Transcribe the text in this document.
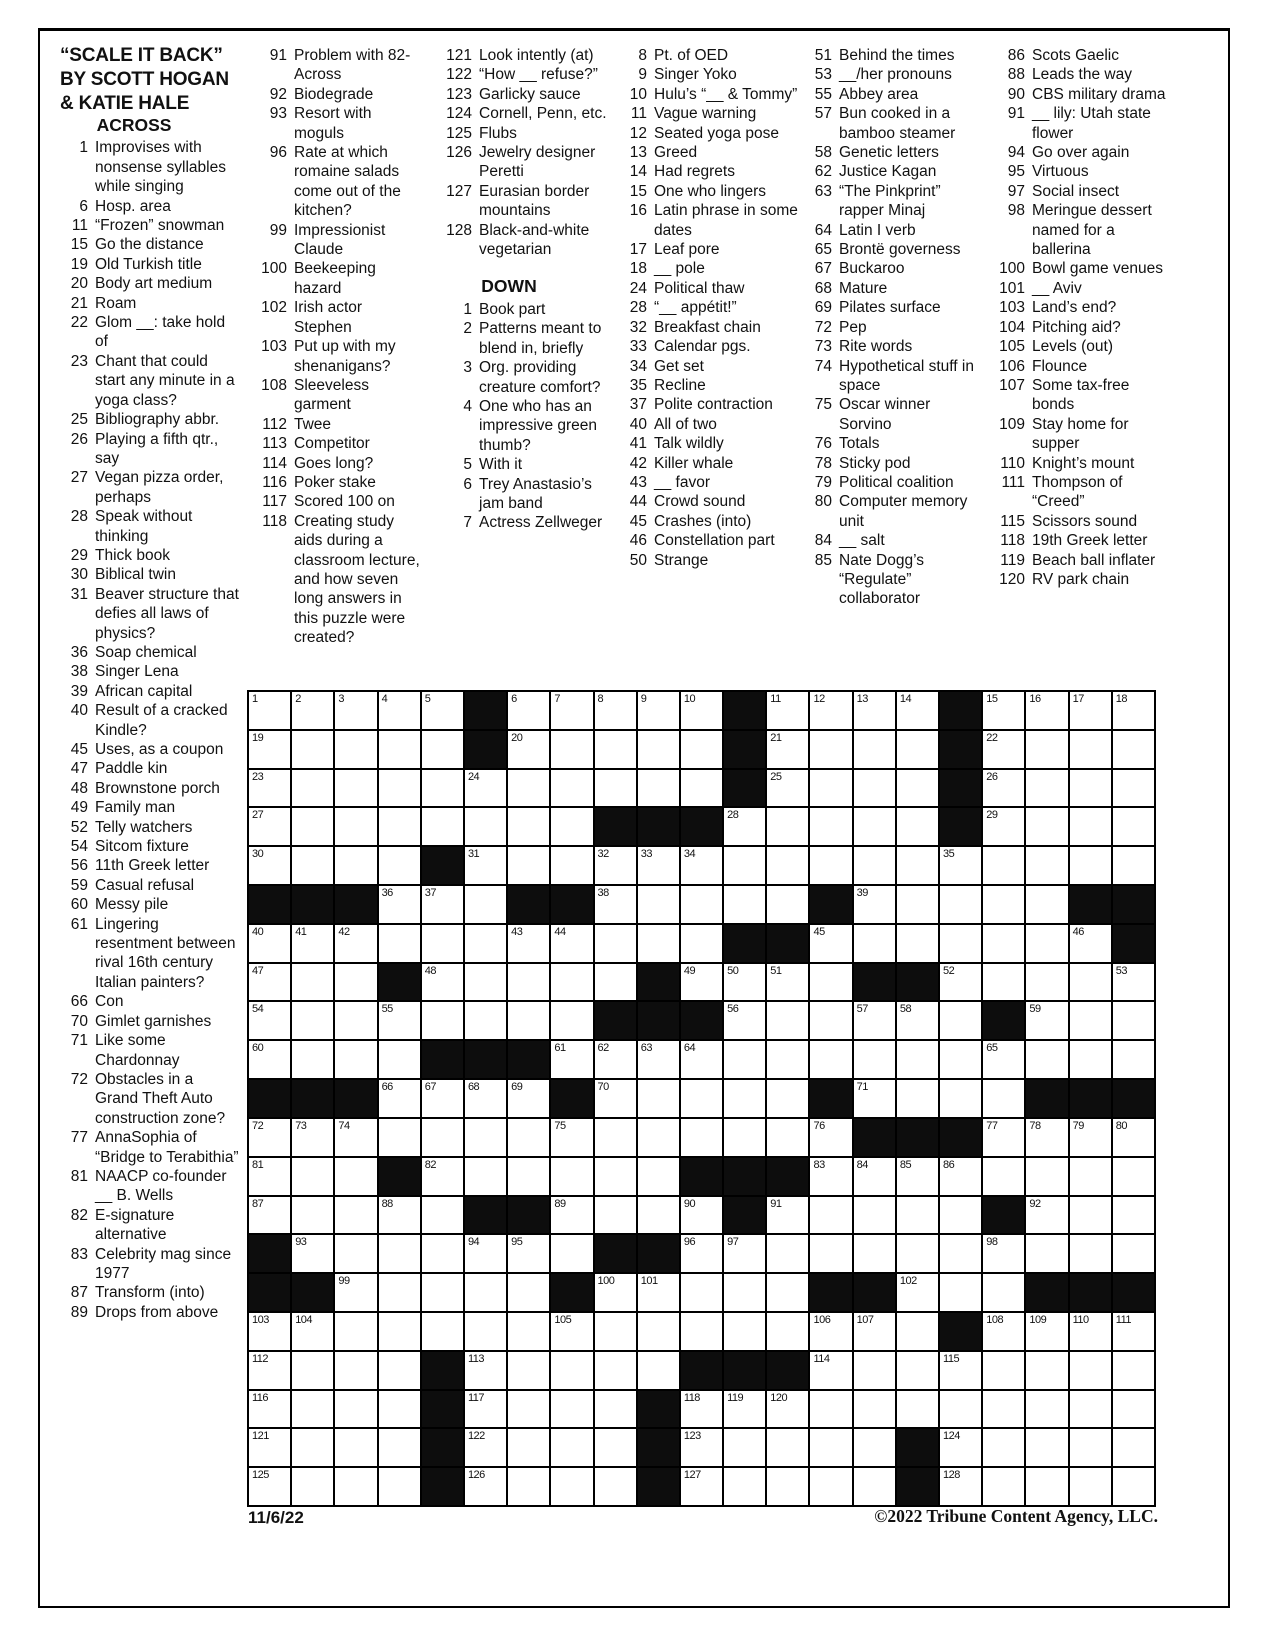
“SCALE IT BACK”
BY SCOTT HOGAN
& KATIE HALE
ACROSS
1 Improvises with nonsense syllables while singing
6 Hosp. area
11 “Frozen” snowman
15 Go the distance
19 Old Turkish title
20 Body art medium
21 Roam
22 Glom __: take hold of
23 Chant that could start any minute in a yoga class?
25 Bibliography abbr.
26 Playing a fifth qtr., say
27 Vegan pizza order, perhaps
28 Speak without thinking
29 Thick book
30 Biblical twin
31 Beaver structure that defies all laws of physics?
36 Soap chemical
38 Singer Lena
39 African capital
40 Result of a cracked Kindle?
45 Uses, as a coupon
47 Paddle kin
48 Brownstone porch
49 Family man
52 Telly watchers
54 Sitcom fixture
56 11th Greek letter
59 Casual refusal
60 Messy pile
61 Lingering resentment between rival 16th century Italian painters?
66 Con
70 Gimlet garnishes
71 Like some Chardonnay
72 Obstacles in a Grand Theft Auto construction zone?
77 AnnaSophia of “Bridge to Terabithia”
81 NAACP co-founder __ B. Wells
82 E-signature alternative
83 Celebrity mag since 1977
87 Transform (into)
89 Drops from above
91 Problem with 82-Across
92 Biodegrade
93 Resort with moguls
96 Rate at which romaine salads come out of the kitchen?
99 Impressionist Claude
100 Beekeeping hazard
102 Irish actor Stephen
103 Put up with my shenanigans?
108 Sleeveless garment
112 Twee
113 Competitor
114 Goes long?
116 Poker stake
117 Scored 100 on
118 Creating study aids during a classroom lecture, and how seven long answers in this puzzle were created?
121 Look intently (at)
122 “How __ refuse?”
123 Garlicky sauce
124 Cornell, Penn, etc.
125 Flubs
126 Jewelry designer Peretti
127 Eurasian border mountains
128 Black-and-white vegetarian
DOWN
1 Book part
2 Patterns meant to blend in, briefly
3 Org. providing creature comfort?
4 One who has an impressive green thumb?
5 With it
6 Trey Anastasio’s jam band
7 Actress Zellweger
8 Pt. of OED
9 Singer Yoko
10 Hulu’s “__ & Tommy”
11 Vague warning
12 Seated yoga pose
13 Greed
14 Had regrets
15 One who lingers
16 Latin phrase in some dates
17 Leaf pore
18 __ pole
24 Political thaw
28 “__ appétit!”
32 Breakfast chain
33 Calendar pgs.
34 Get set
35 Recline
37 Polite contraction
40 All of two
41 Talk wildly
42 Killer whale
43 __ favor
44 Crowd sound
45 Crashes (into)
46 Constellation part
50 Strange
51 Behind the times
53 __/her pronouns
55 Abbey area
57 Bun cooked in a bamboo steamer
58 Genetic letters
62 Justice Kagan
63 “The Pinkprint” rapper Minaj
64 Latin I verb
65 Brontë governess
67 Buckaroo
68 Mature
69 Pilates surface
72 Pep
73 Rite words
74 Hypothetical stuff in space
75 Oscar winner Sorvino
76 Totals
78 Sticky pod
79 Political coalition
80 Computer memory unit
84 __ salt
85 Nate Dogg’s “Regulate” collaborator
86 Scots Gaelic
88 Leads the way
90 CBS military drama
91 __ lily: Utah state flower
94 Go over again
95 Virtuous
97 Social insect
98 Meringue dessert named for a ballerina
100 Bowl game venues
101 __ Aviv
103 Land’s end?
104 Pitching aid?
105 Levels (out)
106 Flounce
107 Some tax-free bonds
109 Stay home for supper
110 Knight’s mount
111 Thompson of “Creed”
115 Scissors sound
118 19th Greek letter
119 Beach ball inflater
120 RV park chain
1	2	3	4	5	6	7	8	9	10	11	12	13	14	15	16	17	18
19	20	21	22
23	24	25	26
27	28	29
30	31	32	33	34	35
36	37	38	39
40	41	42	43	44	45	46
47	48	49	50	51	52	53
54	55	56	57	58	59
60	61	62	63	64	65
66	67	68	69	70	71
72	73	74	75	76	77	78	79	80
81	82	83	84	85	86
87	88	89	90	91	92
93	94	95	96	97	98
99	100 101	102
103 104	105	106 107	108 109 110 111
112	113	114	115
116	117	118 119 120
121	122	123	124
125	126	127	128
11/6/22	©2022 Tribune Content Agency, LLC.
